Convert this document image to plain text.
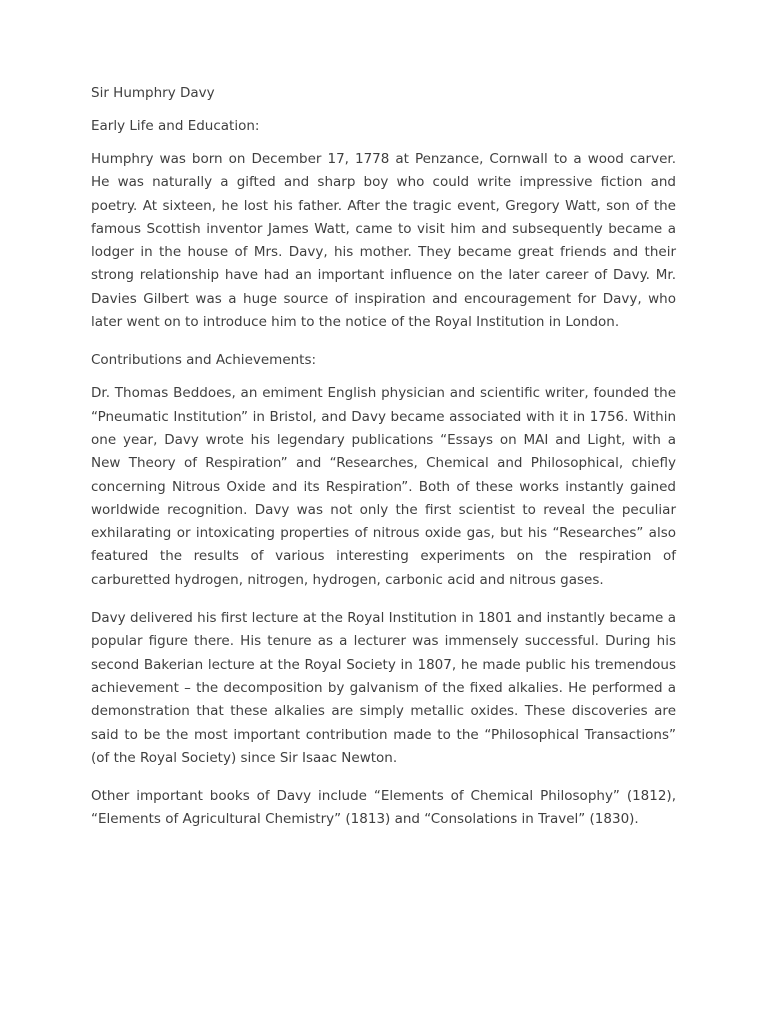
Sir Humphry Davy
Early Life and Education:

Humphry was born on December 17, 1778 at Penzance, Cornwall to a wood carver. He was naturally a gifted and sharp boy who could write impressive fiction and poetry. At sixteen, he lost his father. After the tragic event, Gregory Watt, son of the famous Scottish inventor James Watt, came to visit him and subsequently became a lodger in the house of Mrs. Davy, his mother. They became great friends and their strong relationship have had an important influence on the later career of Davy. Mr. Davies Gilbert was a huge source of inspiration and encouragement for Davy, who later went on to introduce him to the notice of the Royal Institution in London.

Contributions and Achievements:

Dr. Thomas Beddoes, an emiment English physician and scientific writer, founded the “Pneumatic Institution” in Bristol, and Davy became associated with it in 1756. Within one year, Davy wrote his legendary publications “Essays on MAI and Light, with a New Theory of Respiration” and “Researches, Chemical and Philosophical, chiefly concerning Nitrous Oxide and its Respiration”. Both of these works instantly gained worldwide recognition. Davy was not only the first scientist to reveal the peculiar exhilarating or intoxicating properties of nitrous oxide gas, but his “Researches” also featured the results of various interesting experiments on the respiration of carburetted hydrogen, nitrogen, hydrogen, carbonic acid and nitrous gases.

Davy delivered his first lecture at the Royal Institution in 1801 and instantly became a popular figure there. His tenure as a lecturer was immensely successful. During his second Bakerian lecture at the Royal Society in 1807, he made public his tremendous achievement – the decomposition by galvanism of the fixed alkalies. He performed a demonstration that these alkalies are simply metallic oxides. These discoveries are said to be the most important contribution made to the “Philosophical Transactions” (of the Royal Society) since Sir Isaac Newton.

Other important books of Davy include “Elements of Chemical Philosophy” (1812), “Elements of Agricultural Chemistry” (1813) and “Consolations in Travel” (1830).
